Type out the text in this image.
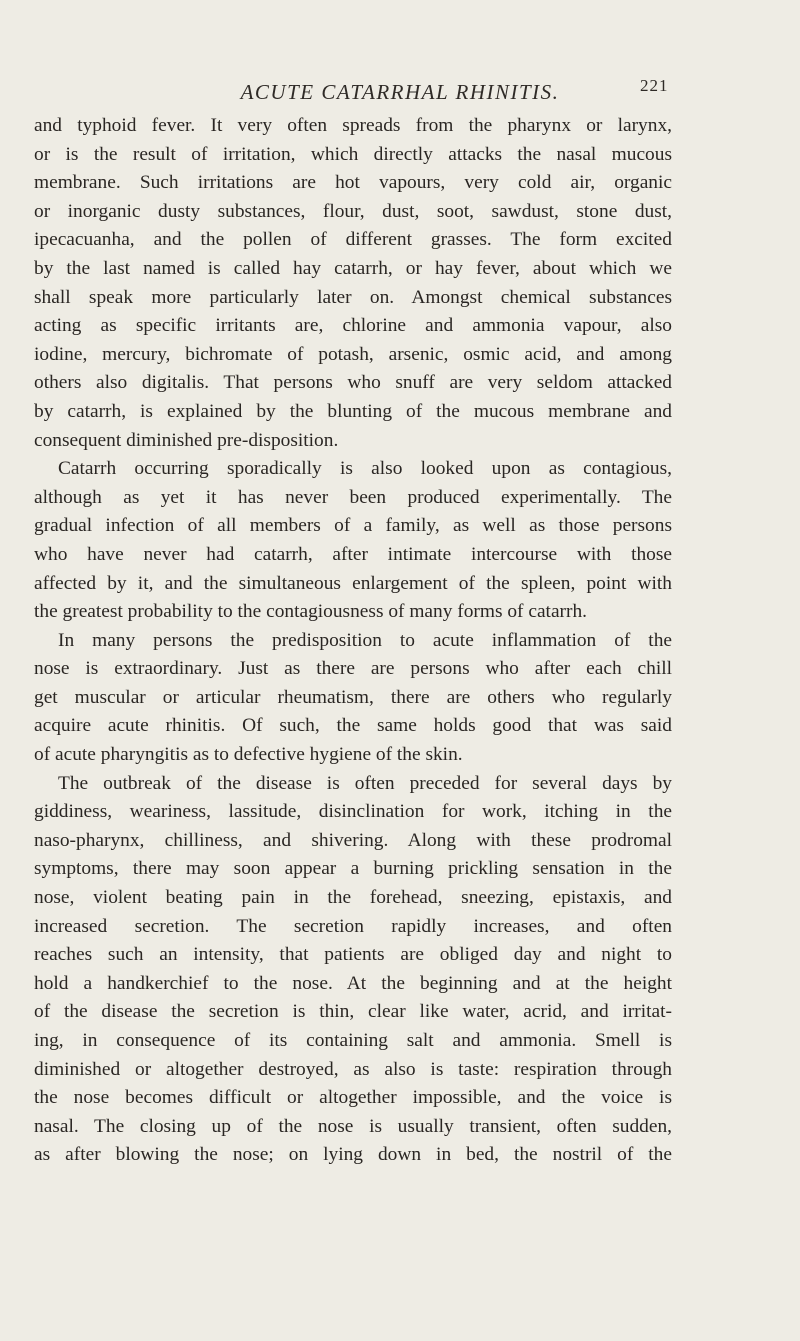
ACUTE CATARRHAL RHINITIS.	221
and typhoid fever. It very often spreads from the pharynx or larynx,
or is the result of irritation, which directly attacks the nasal mucous
membrane. Such irritations are hot vapours, very cold air, organic
or inorganic dusty substances, flour, dust, soot, sawdust, stone dust,
ipecacuanha, and the pollen of different grasses. The form excited
by the last named is called hay catarrh, or hay fever, about which we
shall speak more particularly later on. Amongst chemical substances
acting as specific irritants are, chlorine and ammonia vapour, also
iodine, mercury, bichromate of potash, arsenic, osmic acid, and among
others also digitalis. That persons who snuff are very seldom attacked
by catarrh, is explained by the blunting of the mucous membrane and
consequent diminished pre-disposition.
Catarrh occurring sporadically is also looked upon as contagious,
although as yet it has never been produced experimentally. The
gradual infection of all members of a family, as well as those persons
who have never had catarrh, after intimate intercourse with those
affected by it, and the simultaneous enlargement of the spleen, point with
the greatest probability to the contagiousness of many forms of catarrh.
In many persons the predisposition to acute inflammation of the
nose is extraordinary. Just as there are persons who after each chill
get muscular or articular rheumatism, there are others who regularly
acquire acute rhinitis. Of such, the same holds good that was said
of acute pharyngitis as to defective hygiene of the skin.
The outbreak of the disease is often preceded for several days by
giddiness, weariness, lassitude, disinclination for work, itching in the
naso-pharynx, chilliness, and shivering. Along with these prodromal
symptoms, there may soon appear a burning prickling sensation in the
nose, violent beating pain in the forehead, sneezing, epistaxis, and
increased secretion. The secretion rapidly increases, and often
reaches such an intensity, that patients are obliged day and night to
hold a handkerchief to the nose. At the beginning and at the height
of the disease the secretion is thin, clear like water, acrid, and irritat-
ing, in consequence of its containing salt and ammonia. Smell is
diminished or altogether destroyed, as also is taste: respiration through
the nose becomes difficult or altogether impossible, and the voice is
nasal. The closing up of the nose is usually transient, often sudden,
as after blowing the nose; on lying down in bed, the nostril of the
